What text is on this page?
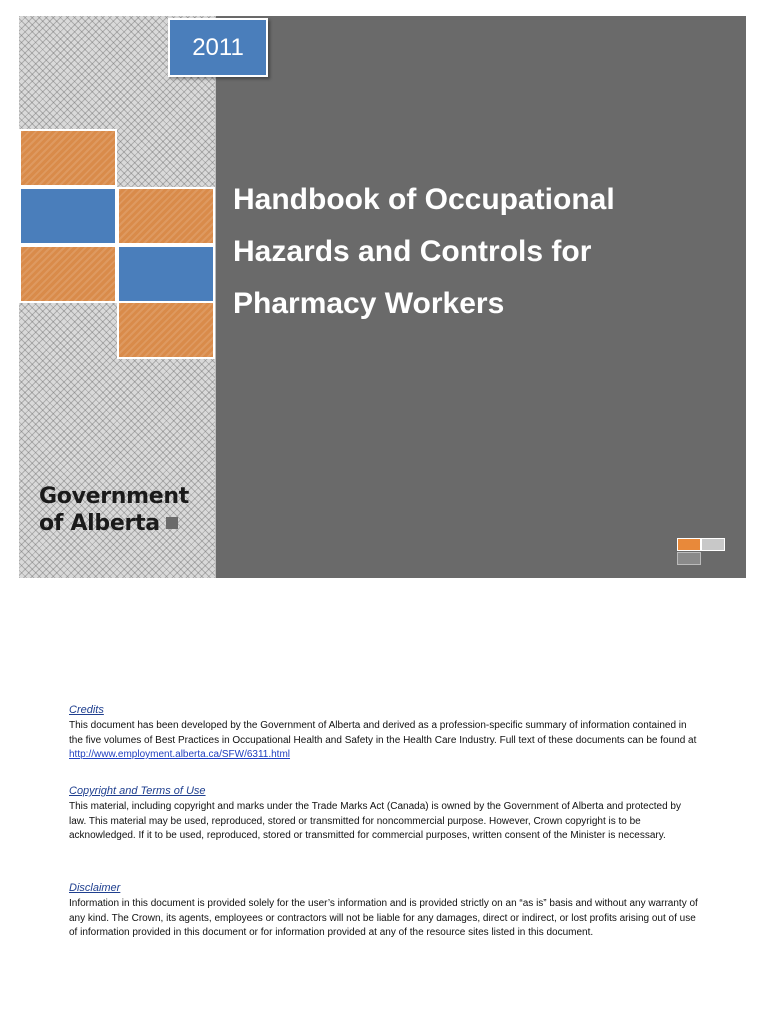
2011
Handbook of Occupational Hazards and Controls for Pharmacy Workers
Government
of Alberta
Credits

This document has been developed by the Government of Alberta and derived as a profession-specific summary of information contained in the five volumes of Best Practices in Occupational Health and Safety in the Health Care Industry. Full text of these documents can be found at http://www.employment.alberta.ca/SFW/6311.html

Copyright and Terms of Use

This material, including copyright and marks under the Trade Marks Act (Canada) is owned by the Government of Alberta and protected by law. This material may be used, reproduced, stored or transmitted for noncommercial purpose. However, Crown copyright is to be acknowledged. If it to be used, reproduced, stored or transmitted for commercial purposes, written consent of the Minister is necessary.

Disclaimer

Information in this document is provided solely for the user’s information and is provided strictly on an “as is” basis and without any warranty of any kind. The Crown, its agents, employees or contractors will not be liable for any damages, direct or indirect, or lost profits arising out of use of information provided in this document or for information provided at any of the resource sites listed in this document.
